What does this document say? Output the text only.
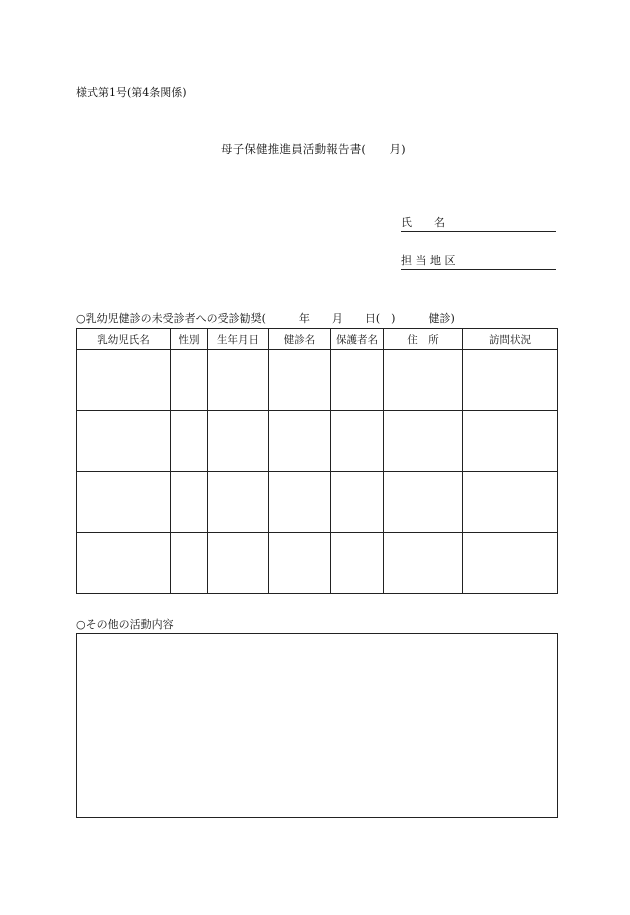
様式第1号(第4条関係)
母子保健推進員活動報告書(　　月)
氏　　名
担 当 地 区
○乳幼児健診の未受診者への受診勧奨(　　　年　　月　　日(　)　　　健診)
乳幼児氏名	性別	生年月日	健診名	保護者名	住　所	訪問状況

○その他の活動内容
